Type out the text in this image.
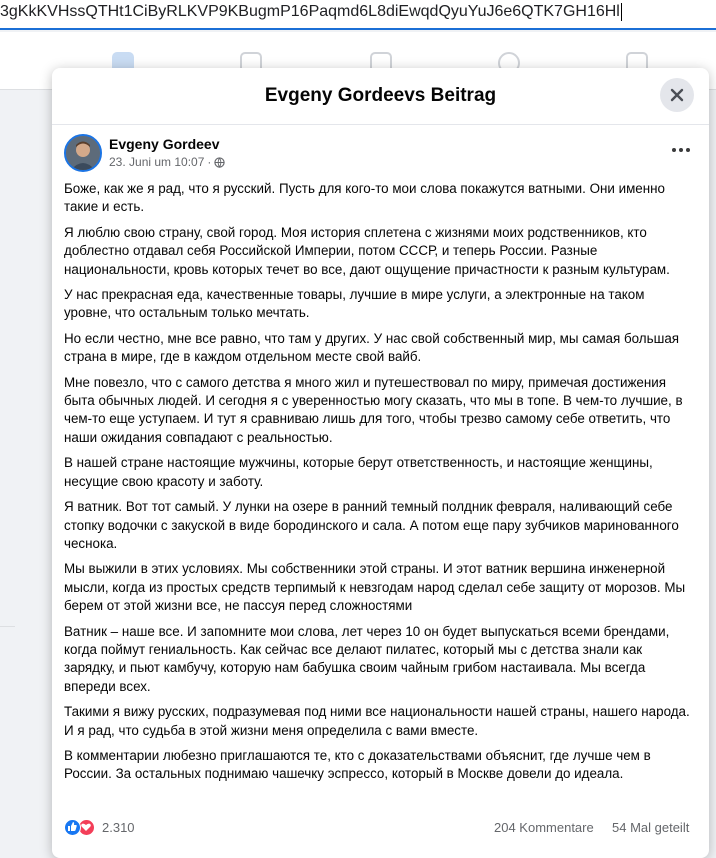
3gKkKVHssQTHt1CiByRLKVP9KBugmP16Paqmd6L8diEwqdQyuYuJ6e6QTK7GH16Hl
Evgeny Gordeevs Beitrag
Evgeny Gordeev
23. Juni um 10:07 ·

Боже, как же я рад, что я русский. Пусть для кого-то мои слова покажутся ватными. Они именно такие и есть.

Я люблю свою страну, свой город. Моя история сплетена с жизнями моих родственников, кто доблестно отдавал себя Российской Империи, потом СССР, и теперь России. Разные национальности, кровь которых течет во все, дают ощущение причастности к разным культурам.

У нас прекрасная еда, качественные товары, лучшие в мире услуги, а электронные на таком уровне, что остальным только мечтать.

Но если честно, мне все равно, что там у других. У нас свой собственный мир, мы самая большая страна в мире, где в каждом отдельном месте свой вайб.

Мне повезло, что с самого детства я много жил и путешествовал по миру, примечая достижения быта обычных людей. И сегодня я с уверенностью могу сказать, что мы в топе. В чем-то лучшие, в чем-то еще уступаем. И тут я сравниваю лишь для того, чтобы трезво самому себе ответить, что наши ожидания совпадают с реальностью.

В нашей стране настоящие мужчины, которые берут ответственность, и настоящие женщины, несущие свою красоту и заботу.

Я ватник. Вот тот самый. У лунки на озере в ранний темный полдник февраля, наливающий себе стопку водочки с закуской в виде бородинского и сала. А потом еще пару зубчиков маринованного чеснока.

Мы выжили в этих условиях. Мы собственники этой страны. И этот ватник вершина инженерной мысли, когда из простых средств терпимый к невзгодам народ сделал себе защиту от морозов. Мы берем от этой жизни все, не пассуя перед сложностями

Ватник – наше все. И запомните мои слова, лет через 10 он будет выпускаться всеми брендами, когда поймут гениальность. Как сейчас все делают пилатес, который мы с детства знали как зарядку, и пьют камбучу, которую нам бабушка своим чайным грибом настаивала. Мы всегда впереди всех.

Такими я вижу русских, подразумевая под ними все национальности нашей страны, нашего народа. И я рад, что судьба в этой жизни меня определила с вами вместе.

В комментарии любезно приглашаются те, кто с доказательствами объяснит, где лучше чем в России. За остальных поднимаю чашечку эспрессо, который в Москве довели до идеала.

2.310	204 Kommentare 54 Mal geteilt
